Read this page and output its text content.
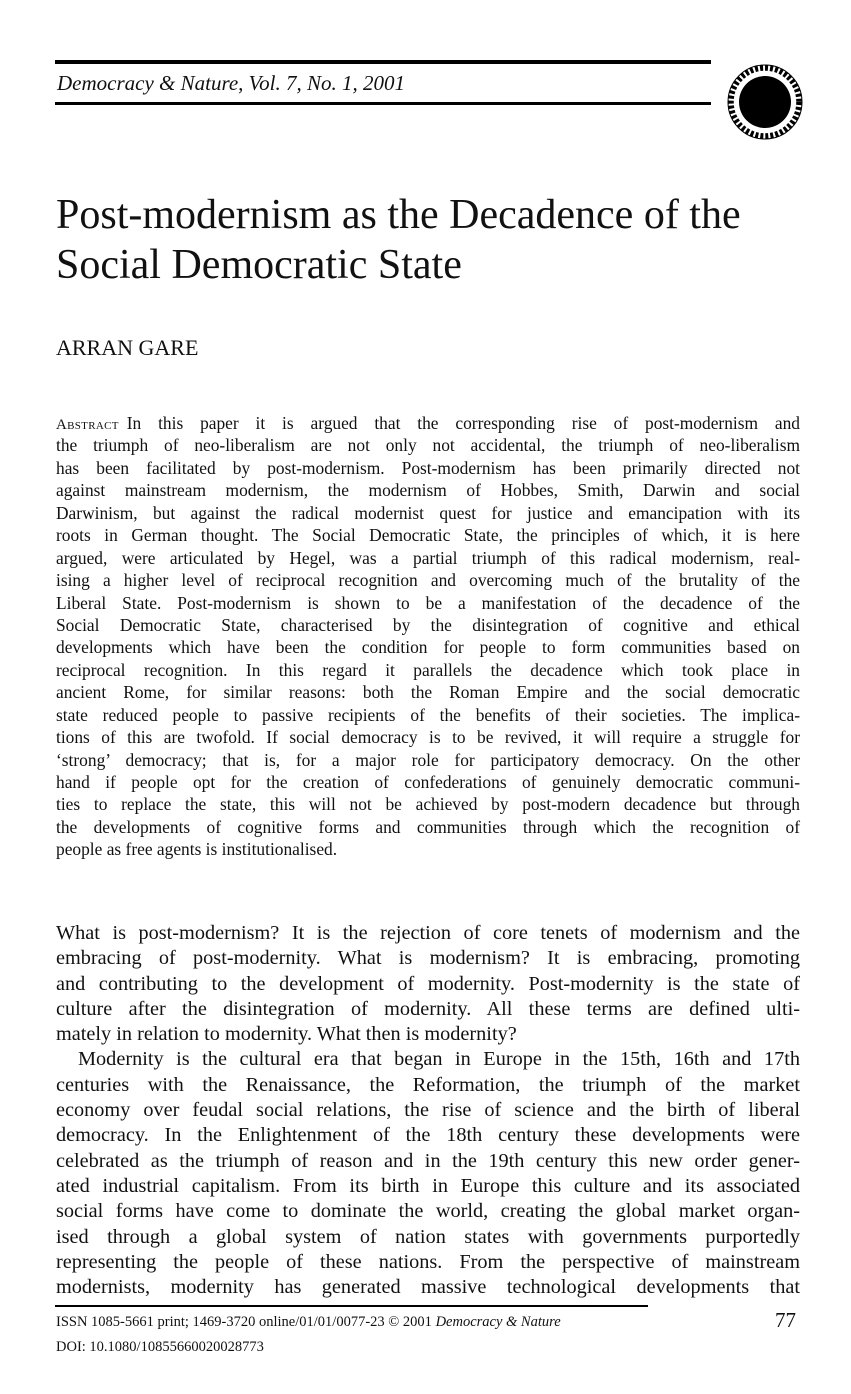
Democracy & Nature, Vol. 7, No. 1, 2001
Post-modernism as the Decadence of the
Social Democratic State
ARRAN GARE
Abstract In this paper it is argued that the corresponding rise of post-modernism and
the triumph of neo-liberalism are not only not accidental, the triumph of neo-liberalism
has been facilitated by post-modernism. Post-modernism has been primarily directed not
against mainstream modernism, the modernism of Hobbes, Smith, Darwin and social
Darwinism, but against the radical modernist quest for justice and emancipation with its
roots in German thought. The Social Democratic State, the principles of which, it is here
argued, were articulated by Hegel, was a partial triumph of this radical modernism, real-
ising a higher level of reciprocal recognition and overcoming much of the brutality of the
Liberal State. Post-modernism is shown to be a manifestation of the decadence of the
Social Democratic State, characterised by the disintegration of cognitive and ethical
developments which have been the condition for people to form communities based on
reciprocal recognition. In this regard it parallels the decadence which took place in
ancient Rome, for similar reasons: both the Roman Empire and the social democratic
state reduced people to passive recipients of the benefits of their societies. The implica-
tions of this are twofold. If social democracy is to be revived, it will require a struggle for
‘strong’ democracy; that is, for a major role for participatory democracy. On the other
hand if people opt for the creation of confederations of genuinely democratic communi-
ties to replace the state, this will not be achieved by post-modern decadence but through
the developments of cognitive forms and communities through which the recognition of
people as free agents is institutionalised.
What is post-modernism? It is the rejection of core tenets of modernism and the
embracing of post-modernity. What is modernism? It is embracing, promoting
and contributing to the development of modernity. Post-modernity is the state of
culture after the disintegration of modernity. All these terms are defined ulti-
mately in relation to modernity. What then is modernity?
Modernity is the cultural era that began in Europe in the 15th, 16th and 17th
centuries with the Renaissance, the Reformation, the triumph of the market
economy over feudal social relations, the rise of science and the birth of liberal
democracy. In the Enlightenment of the 18th century these developments were
celebrated as the triumph of reason and in the 19th century this new order gener-
ated industrial capitalism. From its birth in Europe this culture and its associated
social forms have come to dominate the world, creating the global market organ-
ised through a global system of nation states with governments purportedly
representing the people of these nations. From the perspective of mainstream
modernists, modernity has generated massive technological developments that
ISSN 1085-5661 print; 1469-3720 online/01/01/0077-23 © 2001 Democracy & Nature
DOI: 10.1080/10855660020028773
77
